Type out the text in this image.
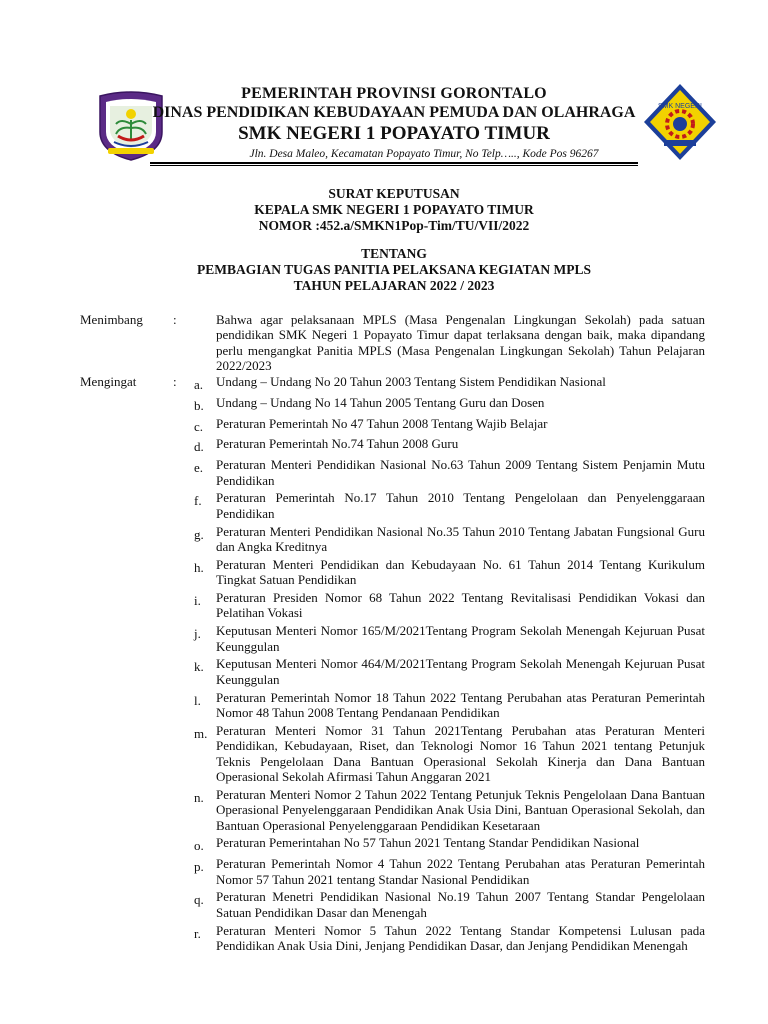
PEMERINTAH PROVINSI GORONTALO
DINAS PENDIDIKAN KEBUDAYAAN PEMUDA DAN OLAHRAGA
SMK NEGERI 1 POPAYATO TIMUR
Jln. Desa Maleo, Kecamatan Popayato Timur, No Telp….., Kode Pos 96267
SMK NEGERI
SURAT KEPUTUSAN
KEPALA SMK NEGERI 1 POPAYATO TIMUR
NOMOR :452.a/SMKN1Pop-Tim/TU/VII/2022
TENTANG
PEMBAGIAN TUGAS PANITIA PELAKSANA KEGIATAN MPLS
TAHUN PELAJARAN 2022 / 2023
Menimbang :	Bahwa agar pelaksanaan MPLS (Masa Pengenalan Lingkungan Sekolah) pada satuan pendidikan SMK Negeri 1 Popayato Timur dapat terlaksana dengan baik, maka dipandang perlu mengangkat Panitia MPLS (Masa Pengenalan Lingkungan Sekolah) Tahun Pelajaran 2022/2023
Mengingat	: a. Undang – Undang No 20 Tahun 2003 Tentang Sistem Pendidikan Nasional
b. Undang – Undang No 14 Tahun 2005 Tentang Guru dan Dosen
c. Peraturan Pemerintah No 47 Tahun 2008 Tentang Wajib Belajar
d. Peraturan Pemerintah No.74 Tahun 2008 Guru
e. Peraturan Menteri Pendidikan Nasional No.63 Tahun 2009 Tentang Sistem Penjamin Mutu Pendidikan
f.	Peraturan Pemerintah No.17 Tahun 2010 Tentang Pengelolaan dan Penyelenggaraan Pendidikan
g. Peraturan Menteri Pendidikan Nasional No.35 Tahun 2010 Tentang Jabatan Fungsional Guru dan Angka Kreditnya
h. Peraturan Menteri Pendidikan dan Kebudayaan No. 61 Tahun 2014 Tentang Kurikulum Tingkat Satuan Pendidikan
i.	Peraturan Presiden Nomor 68 Tahun 2022 Tentang Revitalisasi Pendidikan Vokasi dan Pelatihan Vokasi
j.	Keputusan Menteri Nomor 165/M/2021Tentang Program Sekolah Menengah Kejuruan Pusat Keunggulan
k. Keputusan Menteri Nomor 464/M/2021Tentang Program Sekolah Menengah Kejuruan Pusat Keunggulan
l.	Peraturan Pemerintah Nomor 18 Tahun 2022 Tentang Perubahan atas Peraturan Pemerintah Nomor 48 Tahun 2008 Tentang Pendanaan Pendidikan
m. Peraturan Menteri Nomor 31 Tahun 2021Tentang Perubahan atas Peraturan Menteri Pendidikan, Kebudayaan, Riset, dan Teknologi Nomor 16 Tahun 2021 tentang Petunjuk Teknis Pengelolaan Dana Bantuan Operasional Sekolah Kinerja dan Dana Bantuan Operasional Sekolah Afirmasi Tahun Anggaran 2021
n. Peraturan Menteri Nomor 2 Tahun 2022 Tentang Petunjuk Teknis Pengelolaan Dana Bantuan Operasional Penyelenggaraan Pendidikan Anak Usia Dini, Bantuan Operasional Sekolah, dan Bantuan Operasional Penyelenggaraan Pendidikan Kesetaraan
o. Peraturan Pemerintahan No 57 Tahun 2021 Tentang Standar Pendidikan Nasional
p. Peraturan Pemerintah Nomor 4 Tahun 2022 Tentang Perubahan atas Peraturan Pemerintah Nomor 57 Tahun 2021 tentang Standar Nasional Pendidikan
q. Peraturan Menetri Pendidikan Nasional No.19 Tahun 2007 Tentang Standar Pengelolaan Satuan Pendidikan Dasar dan Menengah
r.	Peraturan Menteri Nomor 5 Tahun 2022 Tentang Standar Kompetensi Lulusan pada Pendidikan Anak Usia Dini, Jenjang Pendidikan Dasar, dan Jenjang Pendidikan Menengah
